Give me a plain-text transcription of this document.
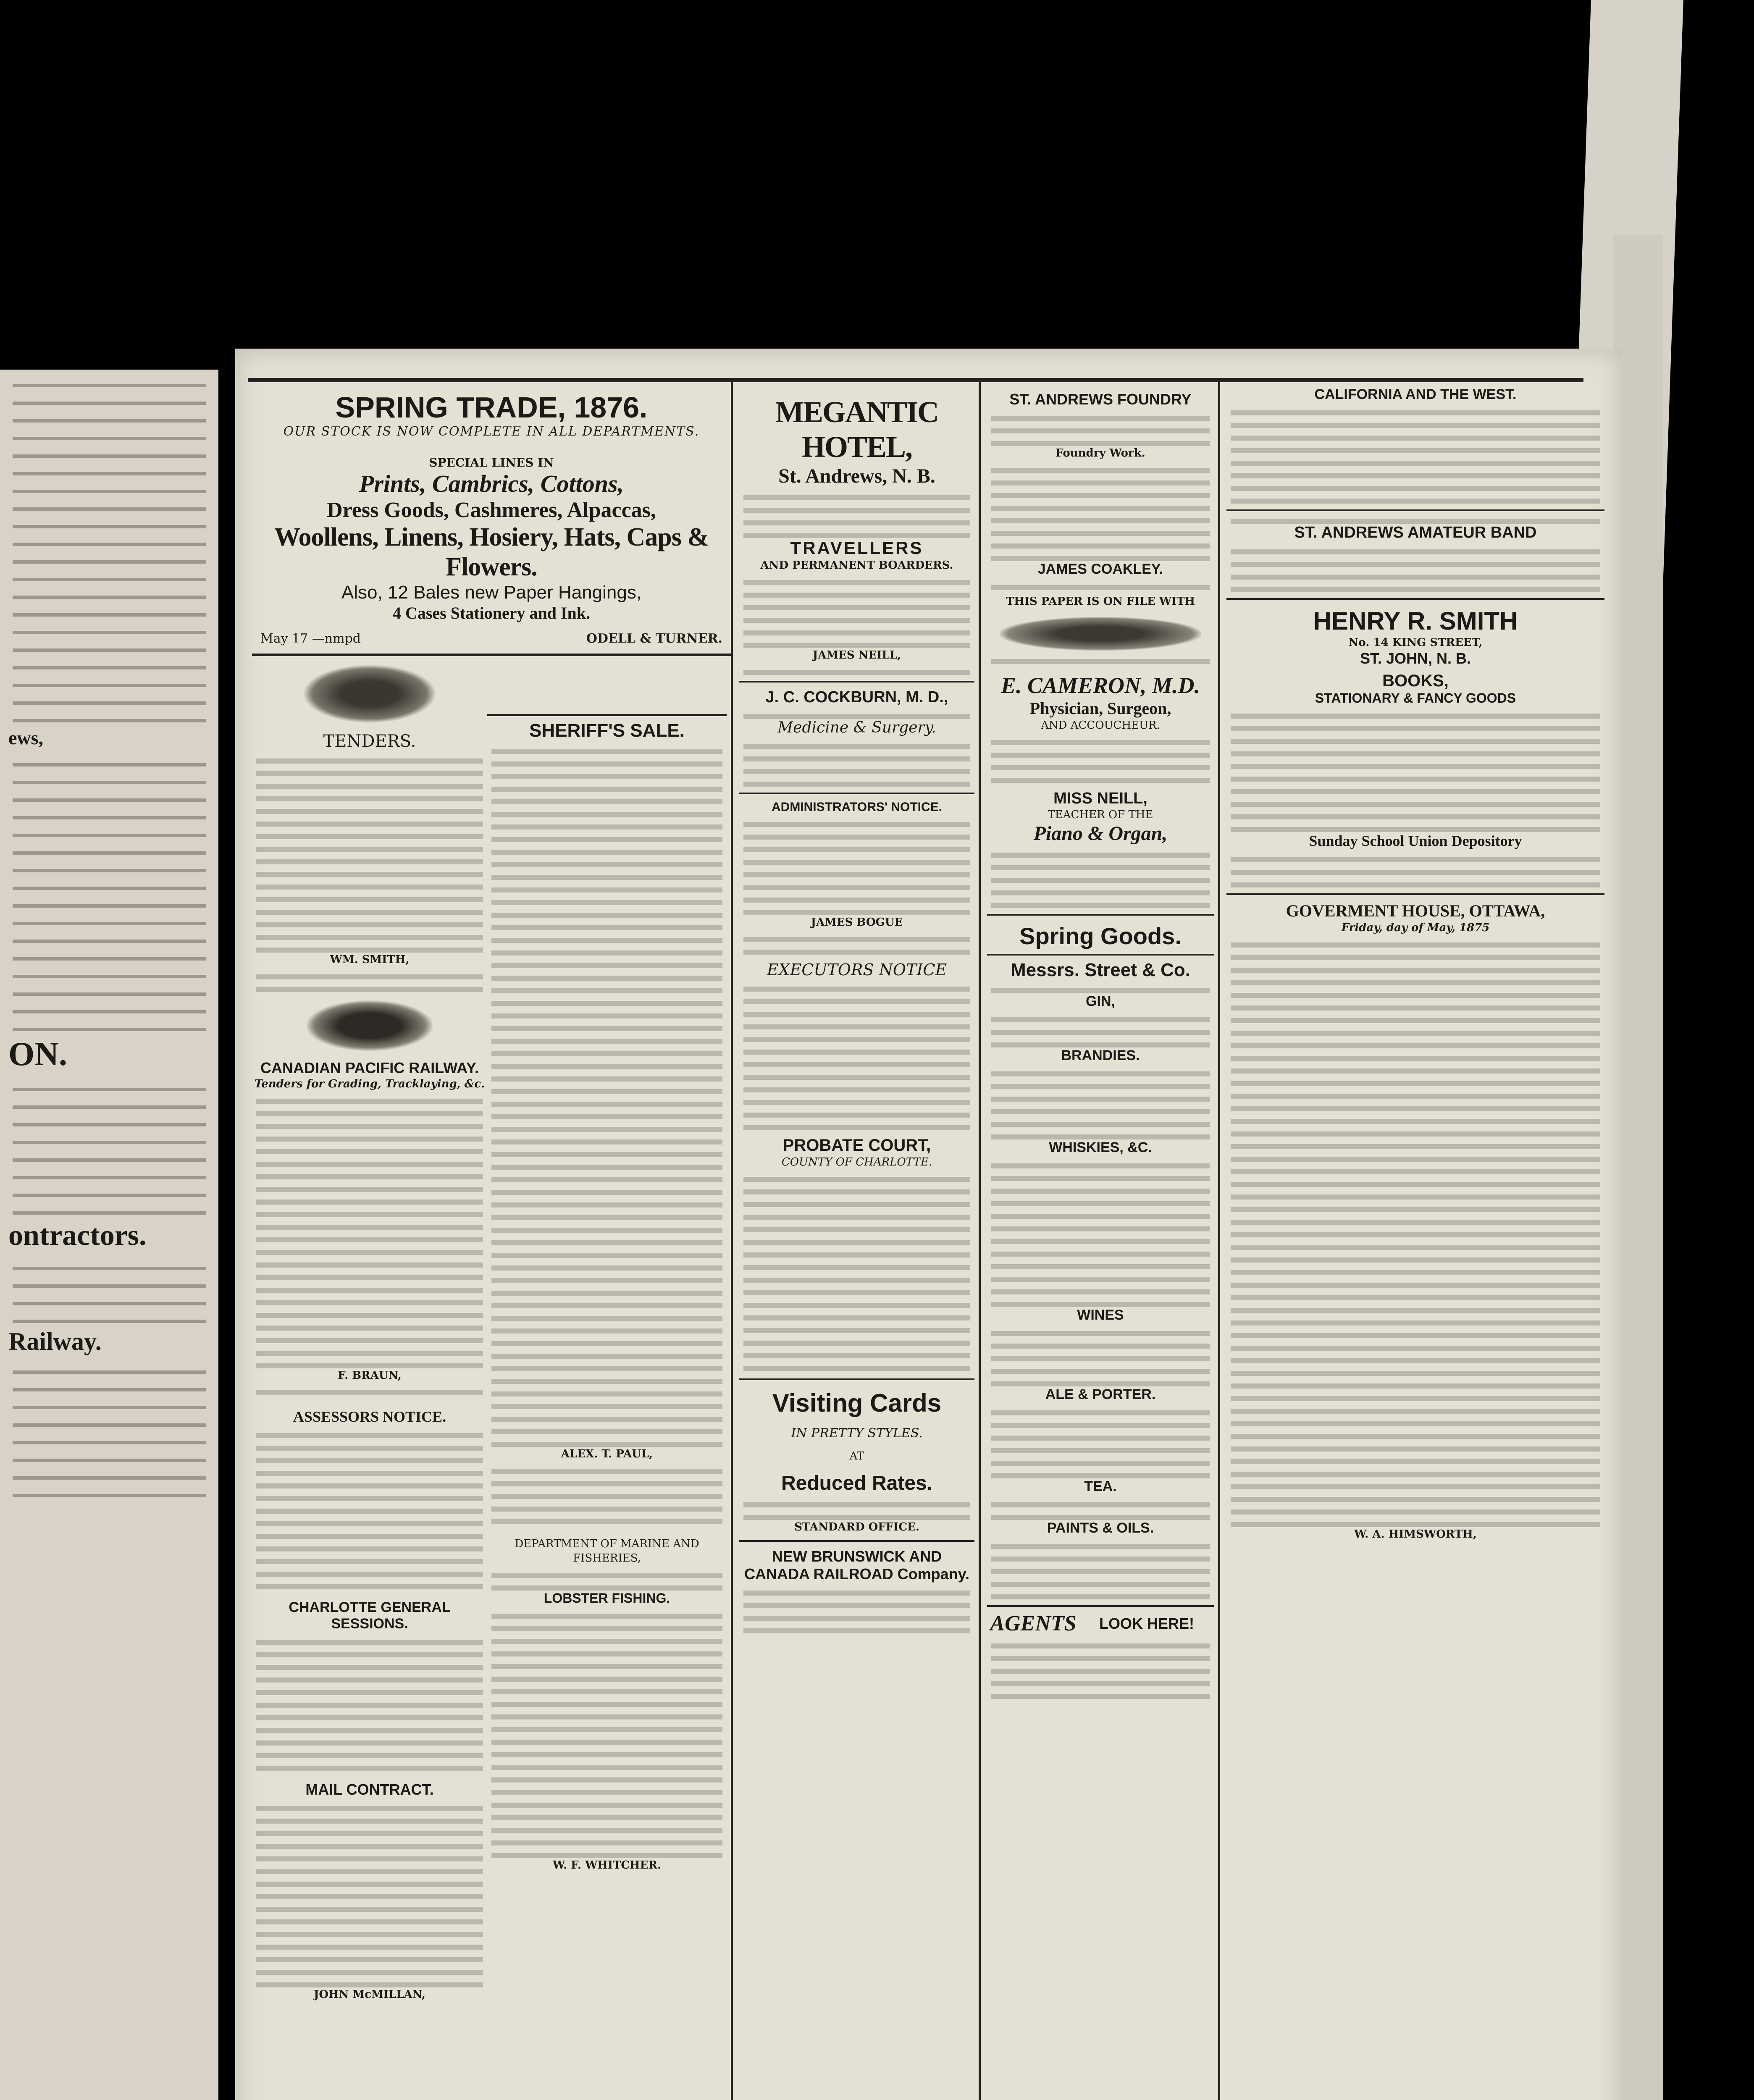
ews,
ON.
ontractors.
Railway.
SPRING TRADE, 1876.
OUR STOCK IS NOW COMPLETE IN ALL DEPARTMENTS.
SPECIAL LINES IN
Prints, Cambrics, Cottons,
Dress Goods, Cashmeres, Alpaccas,
Woollens, Linens, Hosiery, Hats, Caps & Flowers.
Also, 12 Bales new Paper Hangings,
4 Cases Stationery and Ink.
May 17 —nmpd	ODELL & TURNER.
TENDERS.
WM. SMITH,
CANADIAN PACIFIC RAILWAY.
Tenders for Grading, Tracklaying, &c.
F. BRAUN,
ASSESSORS NOTICE.
CHARLOTTE GENERAL SESSIONS.
MAIL CONTRACT.
JOHN McMILLAN,
SHERIFF'S SALE.
ALEX. T. PAUL,
DEPARTMENT OF MARINE AND FISHERIES,
LOBSTER FISHING.
W. F. WHITCHER.
MEGANTIC HOTEL,
St. Andrews, N. B.
TRAVELLERS
AND PERMANENT BOARDERS.
JAMES NEILL,
J. C. COCKBURN, M. D.,
Medicine & Surgery.
ADMINISTRATORS' NOTICE.
JAMES BOGUE
EXECUTORS NOTICE
PROBATE COURT,
COUNTY OF CHARLOTTE.
Visiting Cards
IN PRETTY STYLES.
AT
Reduced Rates.
STANDARD OFFICE.
NEW BRUNSWICK AND CANADA RAILROAD Company.
ST. ANDREWS FOUNDRY
Foundry Work.
JAMES COAKLEY.
THIS PAPER IS ON FILE WITH
E. CAMERON, M.D.
Physician, Surgeon,
AND ACCOUCHEUR.
MISS NEILL,
TEACHER OF THE
Piano & Organ,
Spring Goods.
Messrs. Street & Co.
GIN,
BRANDIES.
WHISKIES, &C.
WINES
ALE & PORTER.
TEA.
PAINTS & OILS.
AGENTS	LOOK HERE!
CALIFORNIA AND THE WEST.
ST. ANDREWS AMATEUR BAND
HENRY R. SMITH
No. 14 KING STREET,
ST. JOHN, N. B.
BOOKS,
STATIONARY & FANCY GOODS
Sunday School Union Depository
GOVERMENT HOUSE, OTTAWA,
Friday, day of May, 1875
W. A. HIMSWORTH,
